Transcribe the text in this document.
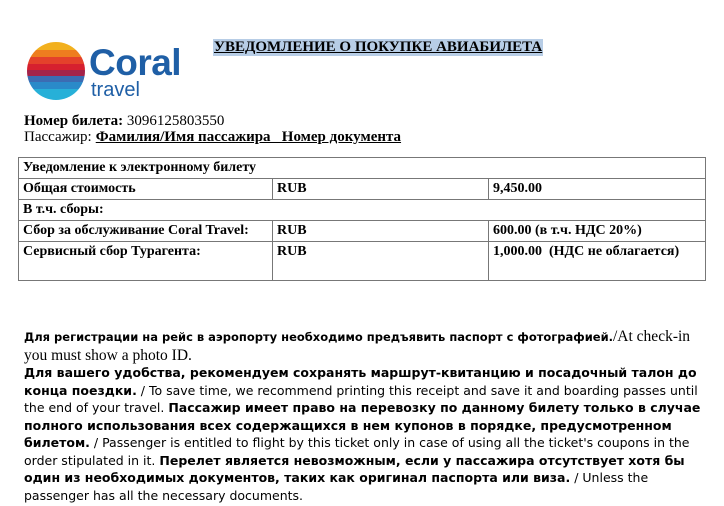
Coral
travel
УВЕДОМЛЕНИЕ О ПОКУПКЕ АВИАБИЛЕТА
Номер билета: 3096125803550
Пассажир: Фамилия/Имя пассажира   Номер документа
Уведомление к электронному билету		
Общая стоимость	RUB	9,450.00
В т.ч. сборы:		
Сбор за обслуживание Coral Travel:	RUB	600.00 (в т.ч. НДС 20%)
Сервисный сбор Турагента:	RUB	1,000.00  (НДС не облагается)
Для регистрации на рейс в аэропорту необходимо предъявить паспорт с фотографией./At check-in you must show a photo ID.
Для вашего удобства, рекомендуем сохранять маршрут-квитанцию и посадочный талон до конца поездки. / To save time, we recommend printing this receipt and save it and boarding passes until the end of your travel. Пассажир имеет право на перевозку по данному билету только в случае полного использования всех содержащихся в нем купонов в порядке, предусмотренном билетом. / Passenger is entitled to flight by this ticket only in case of using all the ticket's coupons in the order stipulated in it. Перелет является невозможным, если у пассажира отсутствует хотя бы один из необходимых документов, таких как оригинал паспорта или виза. / Unless the passenger has all the necessary documents.
